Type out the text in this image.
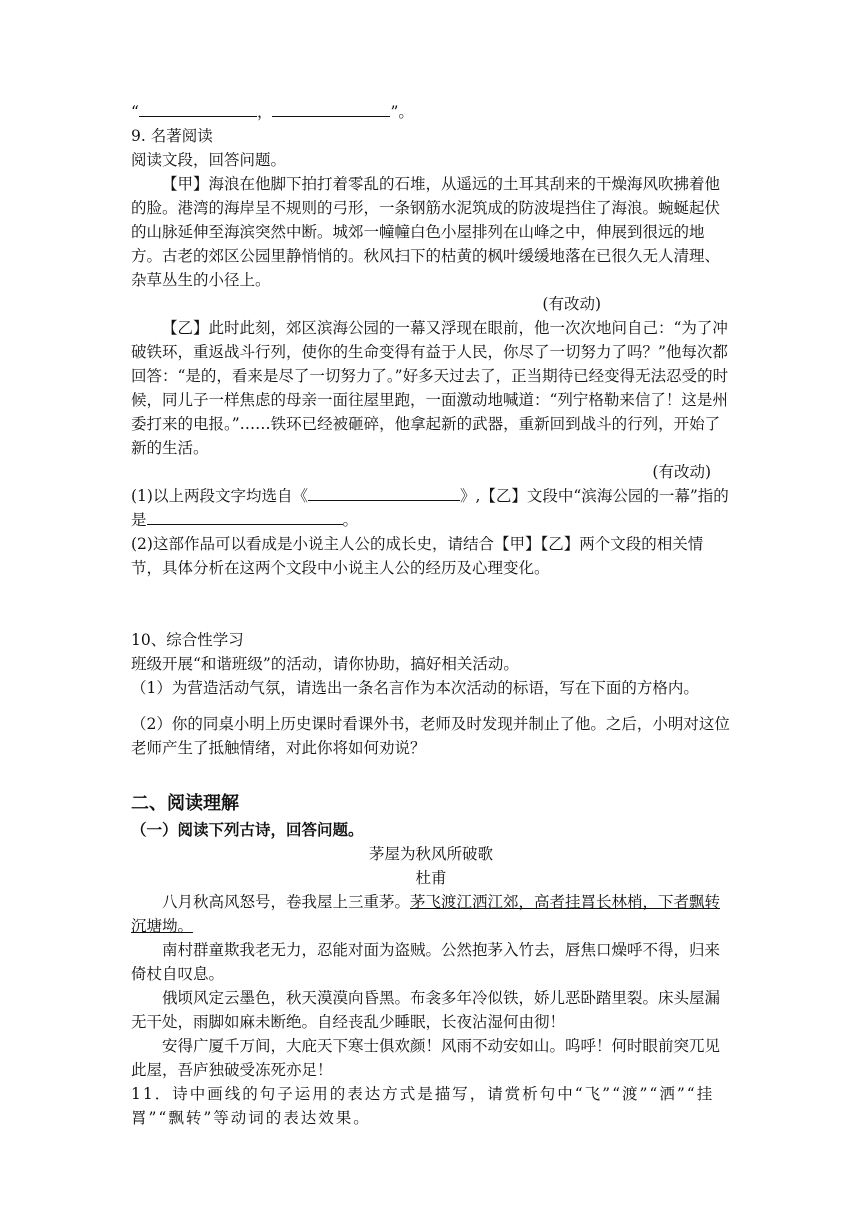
“	，	”。

9. 名著阅读

阅读文段，回答问题。

【甲】海浪在他脚下拍打着零乱的石堆，从遥远的土耳其刮来的干燥海风吹拂着他的脸。港湾的海岸呈不规则的弓形，一条钢筋水泥筑成的防波堤挡住了海浪。蜿蜒起伏的山脉延伸至海滨突然中断。城郊一幢幢白色小屋排列在山峰之中，伸展到很远的地方。古老的郊区公园里静悄悄的。秋风扫下的枯黄的枫叶缓缓地落在已很久无人清理、杂草丛生的小径上。

(有改动)

【乙】此时此刻，郊区滨海公园的一幕又浮现在眼前，他一次次地问自己：“为了冲破铁环，重返战斗行列，使你的生命变得有益于人民，你尽了一切努力了吗？”他每次都回答：“是的，看来是尽了一切努力了。”好多天过去了，正当期待已经变得无法忍受的时候，同儿子一样焦虑的母亲一面往屋里跑，一面激动地喊道：“列宁格勒来信了！这是州委打来的电报。”……铁环已经被砸碎，他拿起新的武器，重新回到战斗的行列，开始了新的生活。

(有改动)

(1)以上两段文字均选自《	》,【乙】文段中“滨海公园的一幕”指的是	。

(2)这部作品可以看成是小说主人公的成长史，请结合【甲】【乙】两个文段的相关情节，具体分析在这两个文段中小说主人公的经历及心理变化。

10、综合性学习

班级开展“和谐班级”的活动，请你协助，搞好相关活动。

（1）为营造活动气氛，请选出一条名言作为本次活动的标语，写在下面的方格内。

（2）你的同桌小明上历史课时看课外书，老师及时发现并制止了他。之后，小明对这位老师产生了抵触情绪，对此你将如何劝说？

二、阅读理解

（一）阅读下列古诗，回答问题。

茅屋为秋风所破歌

杜甫

八月秋高风怒号，卷我屋上三重茅。茅飞渡江洒江郊，高者挂罥长林梢，下者飘转沉塘坳。

南村群童欺我老无力，忍能对面为盗贼。公然抱茅入竹去，唇焦口燥呼不得，归来倚杖自叹息。

俄顷风定云墨色，秋天漠漠向昏黑。布衾多年冷似铁，娇儿恶卧踏里裂。床头屋漏无干处，雨脚如麻未断绝。自经丧乱少睡眠，长夜沾湿何由彻！

安得广厦千万间，大庇天下寒士俱欢颜！风雨不动安如山。呜呼！何时眼前突兀见此屋，吾庐独破受冻死亦足！

11．诗中画线的句子运用的表达方式是描写，请赏析句中“飞”“渡”“洒”“挂罥”“飘转”等动词的表达效果。
